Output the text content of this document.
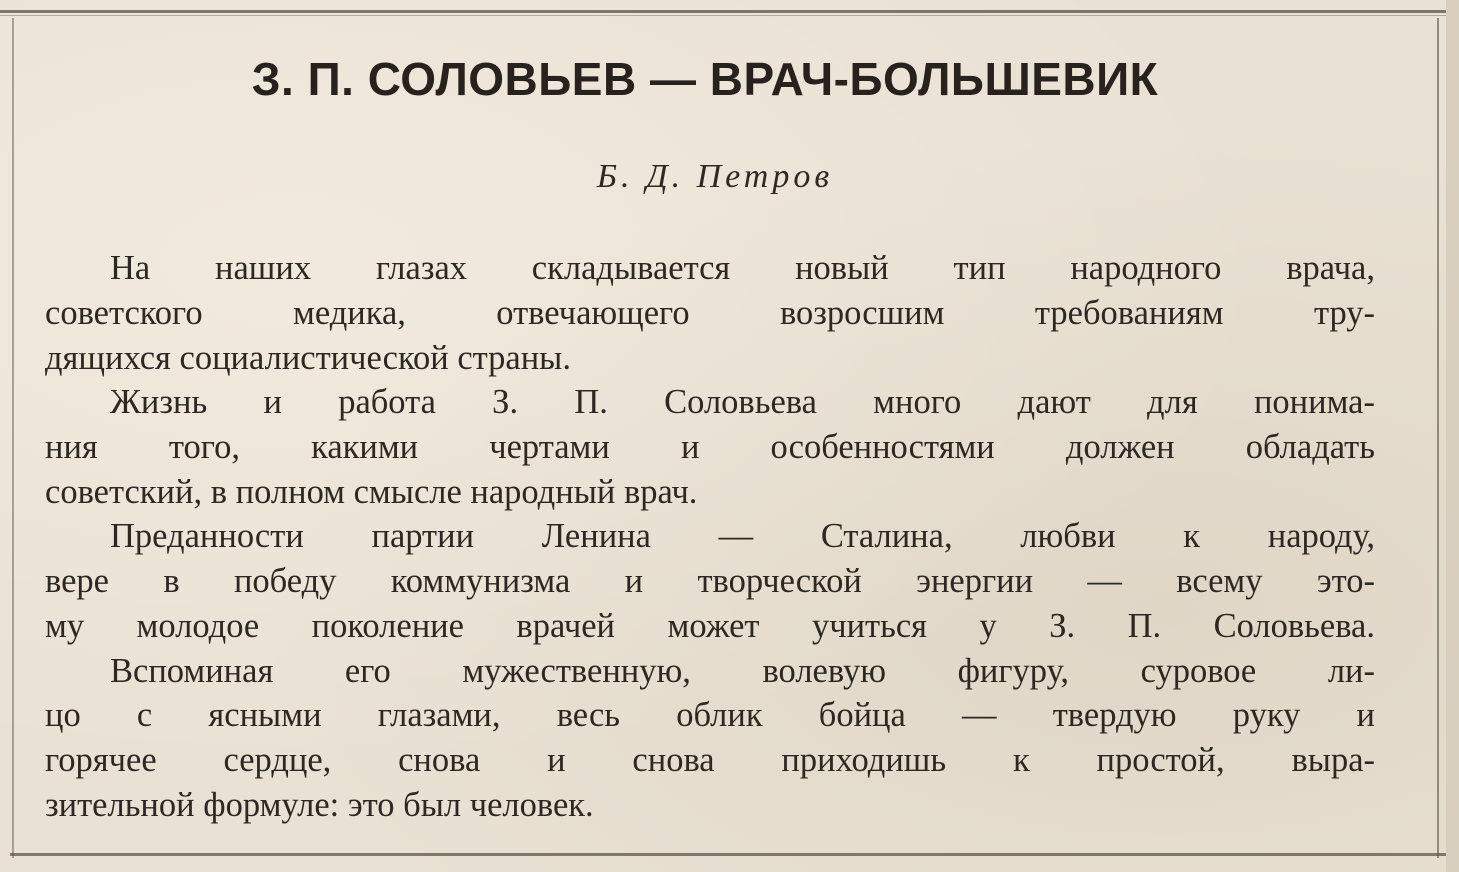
З. П. СОЛОВЬЕВ — ВРАЧ-БОЛЬШЕВИК

Б. Д. Петров

На наших глазах складывается новый тип народного врача,

советского медика, отвечающего возросшим требованиям тру-

дящихся социалистической страны.

Жизнь и работа З. П. Соловьева много дают для понима-

ния того, какими чертами и особенностями должен обладать

советский, в полном смысле народный врач.

Преданности партии Ленина — Сталина, любви к народу,

вере в победу коммунизма и творческой энергии — всему это-

му молодое поколение врачей может учиться у З. П. Соловьева.

Вспоминая его мужественную, волевую фигуру, суровое ли-

цо с ясными глазами, весь облик бойца — твердую руку и

горячее сердце, снова и снова приходишь к простой, выра-

зительной формуле: это был человек.
